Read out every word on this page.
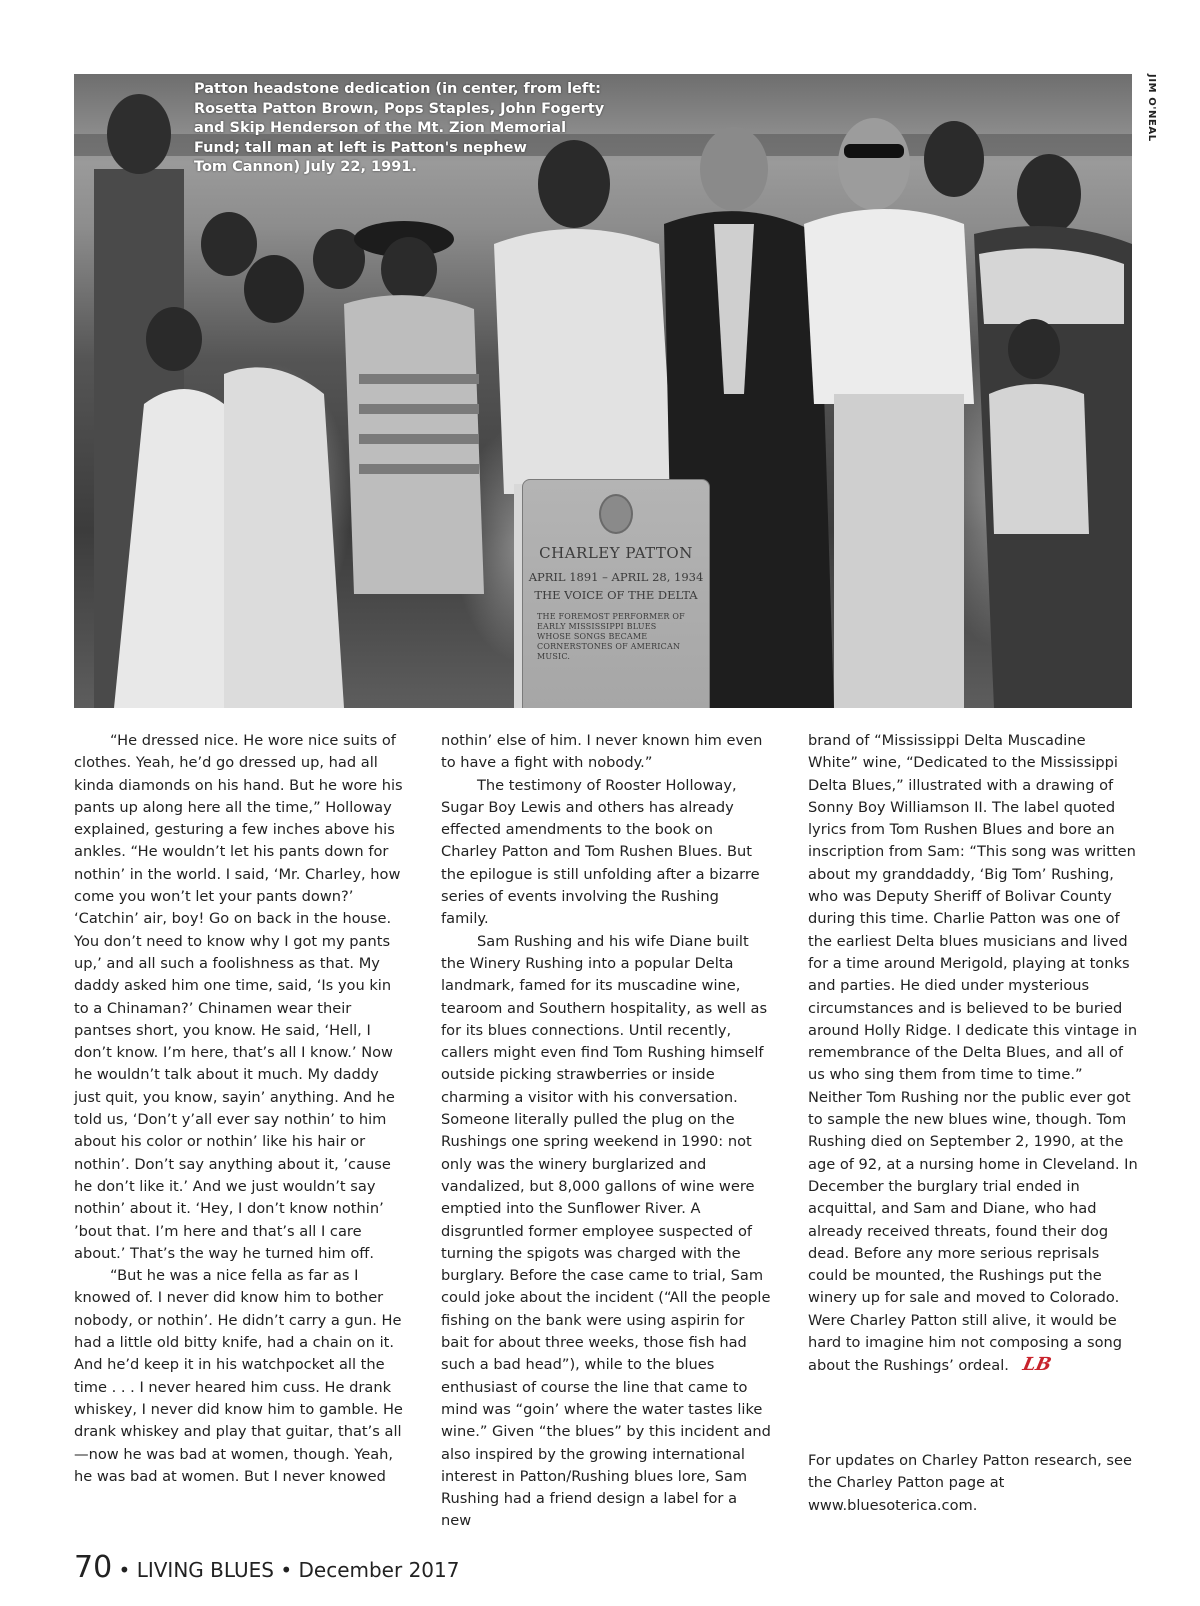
Patton headstone dedication (in center, from left:
Rosetta Patton Brown, Pops Staples, John Fogerty
and Skip Henderson of the Mt. Zion Memorial
Fund; tall man at left is Patton's nephew
Tom Cannon) July 22, 1991.
CHARLEY PATTON
APRIL 1891 – APRIL 28, 1934
THE VOICE OF THE DELTA
THE FOREMOST PERFORMER OF
EARLY MISSISSIPPI BLUES
WHOSE SONGS BECAME
CORNERSTONES OF AMERICAN
MUSIC.
JIM O'NEAL

“He dressed nice. He wore nice suits of clothes. Yeah, he’d go dressed up, had all kinda diamonds on his hand. But he wore his pants up along here all the time,” Holloway explained, gesturing a few inches above his ankles. “He wouldn’t let his pants down for nothin’ in the world. I said, ‘Mr. Charley, how come you won’t let your pants down?’ ‘Catchin’ air, boy! Go on back in the house. You don’t need to know why I got my pants up,’ and all such a foolishness as that. My daddy asked him one time, said, ‘Is you kin to a Chinaman?’ Chinamen wear their pantses short, you know. He said, ‘Hell, I don’t know. I’m here, that’s all I know.’ Now he wouldn’t talk about it much. My daddy just quit, you know, sayin’ anything. And he told us, ‘Don’t y’all ever say nothin’ to him about his color or nothin’ like his hair or nothin’. Don’t say anything about it, ’cause he don’t like it.’ And we just wouldn’t say nothin’ about it. ‘Hey, I don’t know nothin’ ’bout that. I’m here and that’s all I care about.’ That’s the way he turned him off.

“But he was a nice fella as far as I knowed of. I never did know him to bother nobody, or nothin’. He didn’t carry a gun. He had a little old bitty knife, had a chain on it. And he’d keep it in his watchpocket all the time . . . I never heared him cuss. He drank whiskey, I never did know him to gamble. He drank whiskey and play that guitar, that’s all—now he was bad at women, though. Yeah, he was bad at women. But I never knowed

nothin’ else of him. I never known him even to have a fight with nobody.”

The testimony of Rooster Holloway, Sugar Boy Lewis and others has already effected amendments to the book on Charley Patton and Tom Rushen Blues. But the epilogue is still unfolding after a bizarre series of events involving the Rushing family.

Sam Rushing and his wife Diane built the Winery Rushing into a popular Delta landmark, famed for its muscadine wine, tearoom and Southern hospitality, as well as for its blues connections. Until recently, callers might even find Tom Rushing himself outside picking strawberries or inside charming a visitor with his conversation. Someone literally pulled the plug on the Rushings one spring weekend in 1990: not only was the winery burglarized and vandalized, but 8,000 gallons of wine were emptied into the Sunflower River. A disgruntled former employee suspected of turning the spigots was charged with the burglary. Before the case came to trial, Sam could joke about the incident (“All the people fishing on the bank were using aspirin for bait for about three weeks, those fish had such a bad head”), while to the blues enthusiast of course the line that came to mind was “goin’ where the water tastes like wine.” Given “the blues” by this incident and also inspired by the growing international interest in Patton/Rushing blues lore, Sam Rushing had a friend design a label for a new

brand of “Mississippi Delta Muscadine White” wine, “Dedicated to the Mississippi Delta Blues,” illustrated with a drawing of Sonny Boy Williamson II. The label quoted lyrics from Tom Rushen Blues and bore an inscription from Sam: “This song was written about my granddaddy, ‘Big Tom’ Rushing, who was Deputy Sheriff of Bolivar County during this time. Charlie Patton was one of the earliest Delta blues musicians and lived for a time around Merigold, playing at tonks and parties. He died under mysterious circumstances and is believed to be buried around Holly Ridge. I dedicate this vintage in remembrance of the Delta Blues, and all of us who sing them from time to time.” Neither Tom Rushing nor the public ever got to sample the new blues wine, though. Tom Rushing died on September 2, 1990, at the age of 92, at a nursing home in Cleveland. In December the burglary trial ended in acquittal, and Sam and Diane, who had already received threats, found their dog dead. Before any more serious reprisals could be mounted, the Rushings put the winery up for sale and moved to Colorado. Were Charley Patton still alive, it would be hard to imagine him not composing a song about the Rushings’ ordeal. LB

For updates on Charley Patton research, see the Charley Patton page at www.bluesoterica.com.
70 • LIVING BLUES • December 2017
